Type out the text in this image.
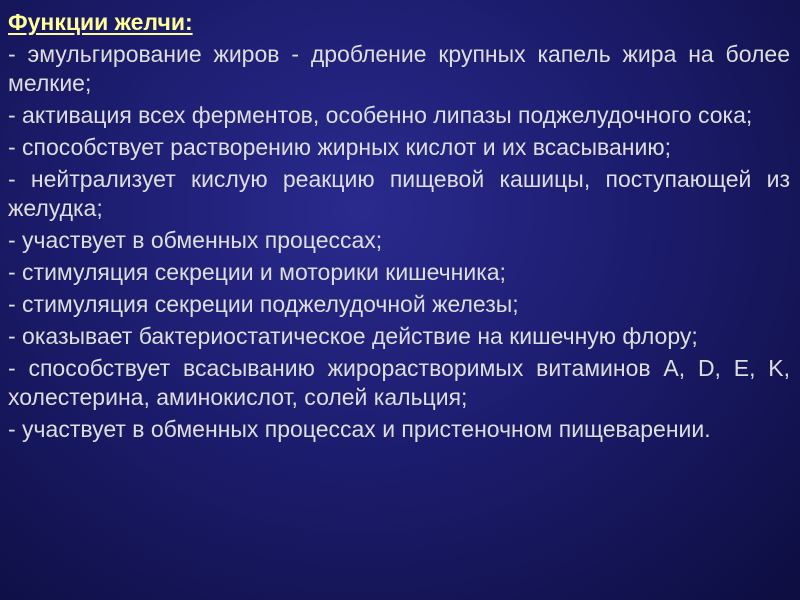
Функции желчи:
- эмульгирование жиров - дробление крупных капель жира на более мелкие;
- активация всех ферментов, особенно липазы поджелудочного сока;
- способствует растворению жирных кислот и их всасыванию;
- нейтрализует кислую реакцию пищевой кашицы, поступающей из желудка;
- участвует в обменных процессах;
- стимуляция секреции и моторики кишечника;
- стимуляция секреции поджелудочной железы;
- оказывает бактериостатическое действие на кишечную флору;
- способствует всасыванию жирорастворимых витаминов А, D, E, K, холестерина, аминокислот, солей кальция;
- участвует в обменных процессах и пристеночном пищеварении.
